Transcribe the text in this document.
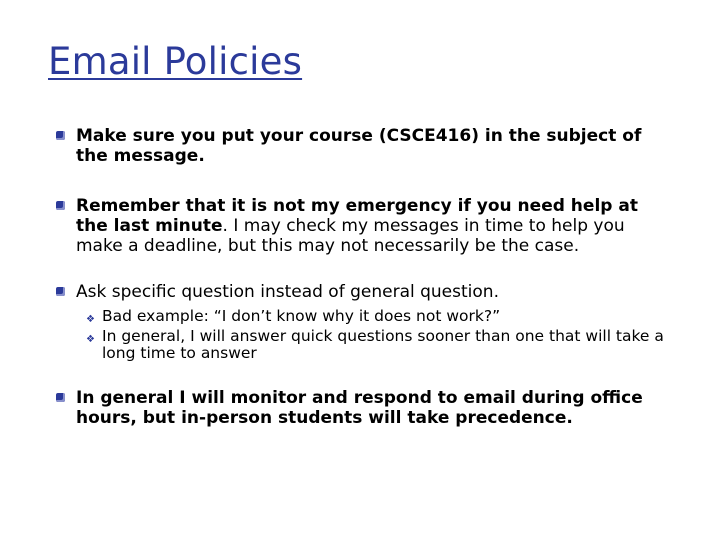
Email Policies
Make sure you put your course (CSCE416) in the subject of the message.
Remember that it is not my emergency if you need help at the last minute. I may check my messages in time to help you make a deadline, but this may not necessarily be the case.
Ask specific question instead of general question.
❖ Bad example: “I don’t know why it does not work?”
❖ In general, I will answer quick questions sooner than one that will take a long time to answer
In general I will monitor and respond to email during office hours, but in-person students will take precedence.
